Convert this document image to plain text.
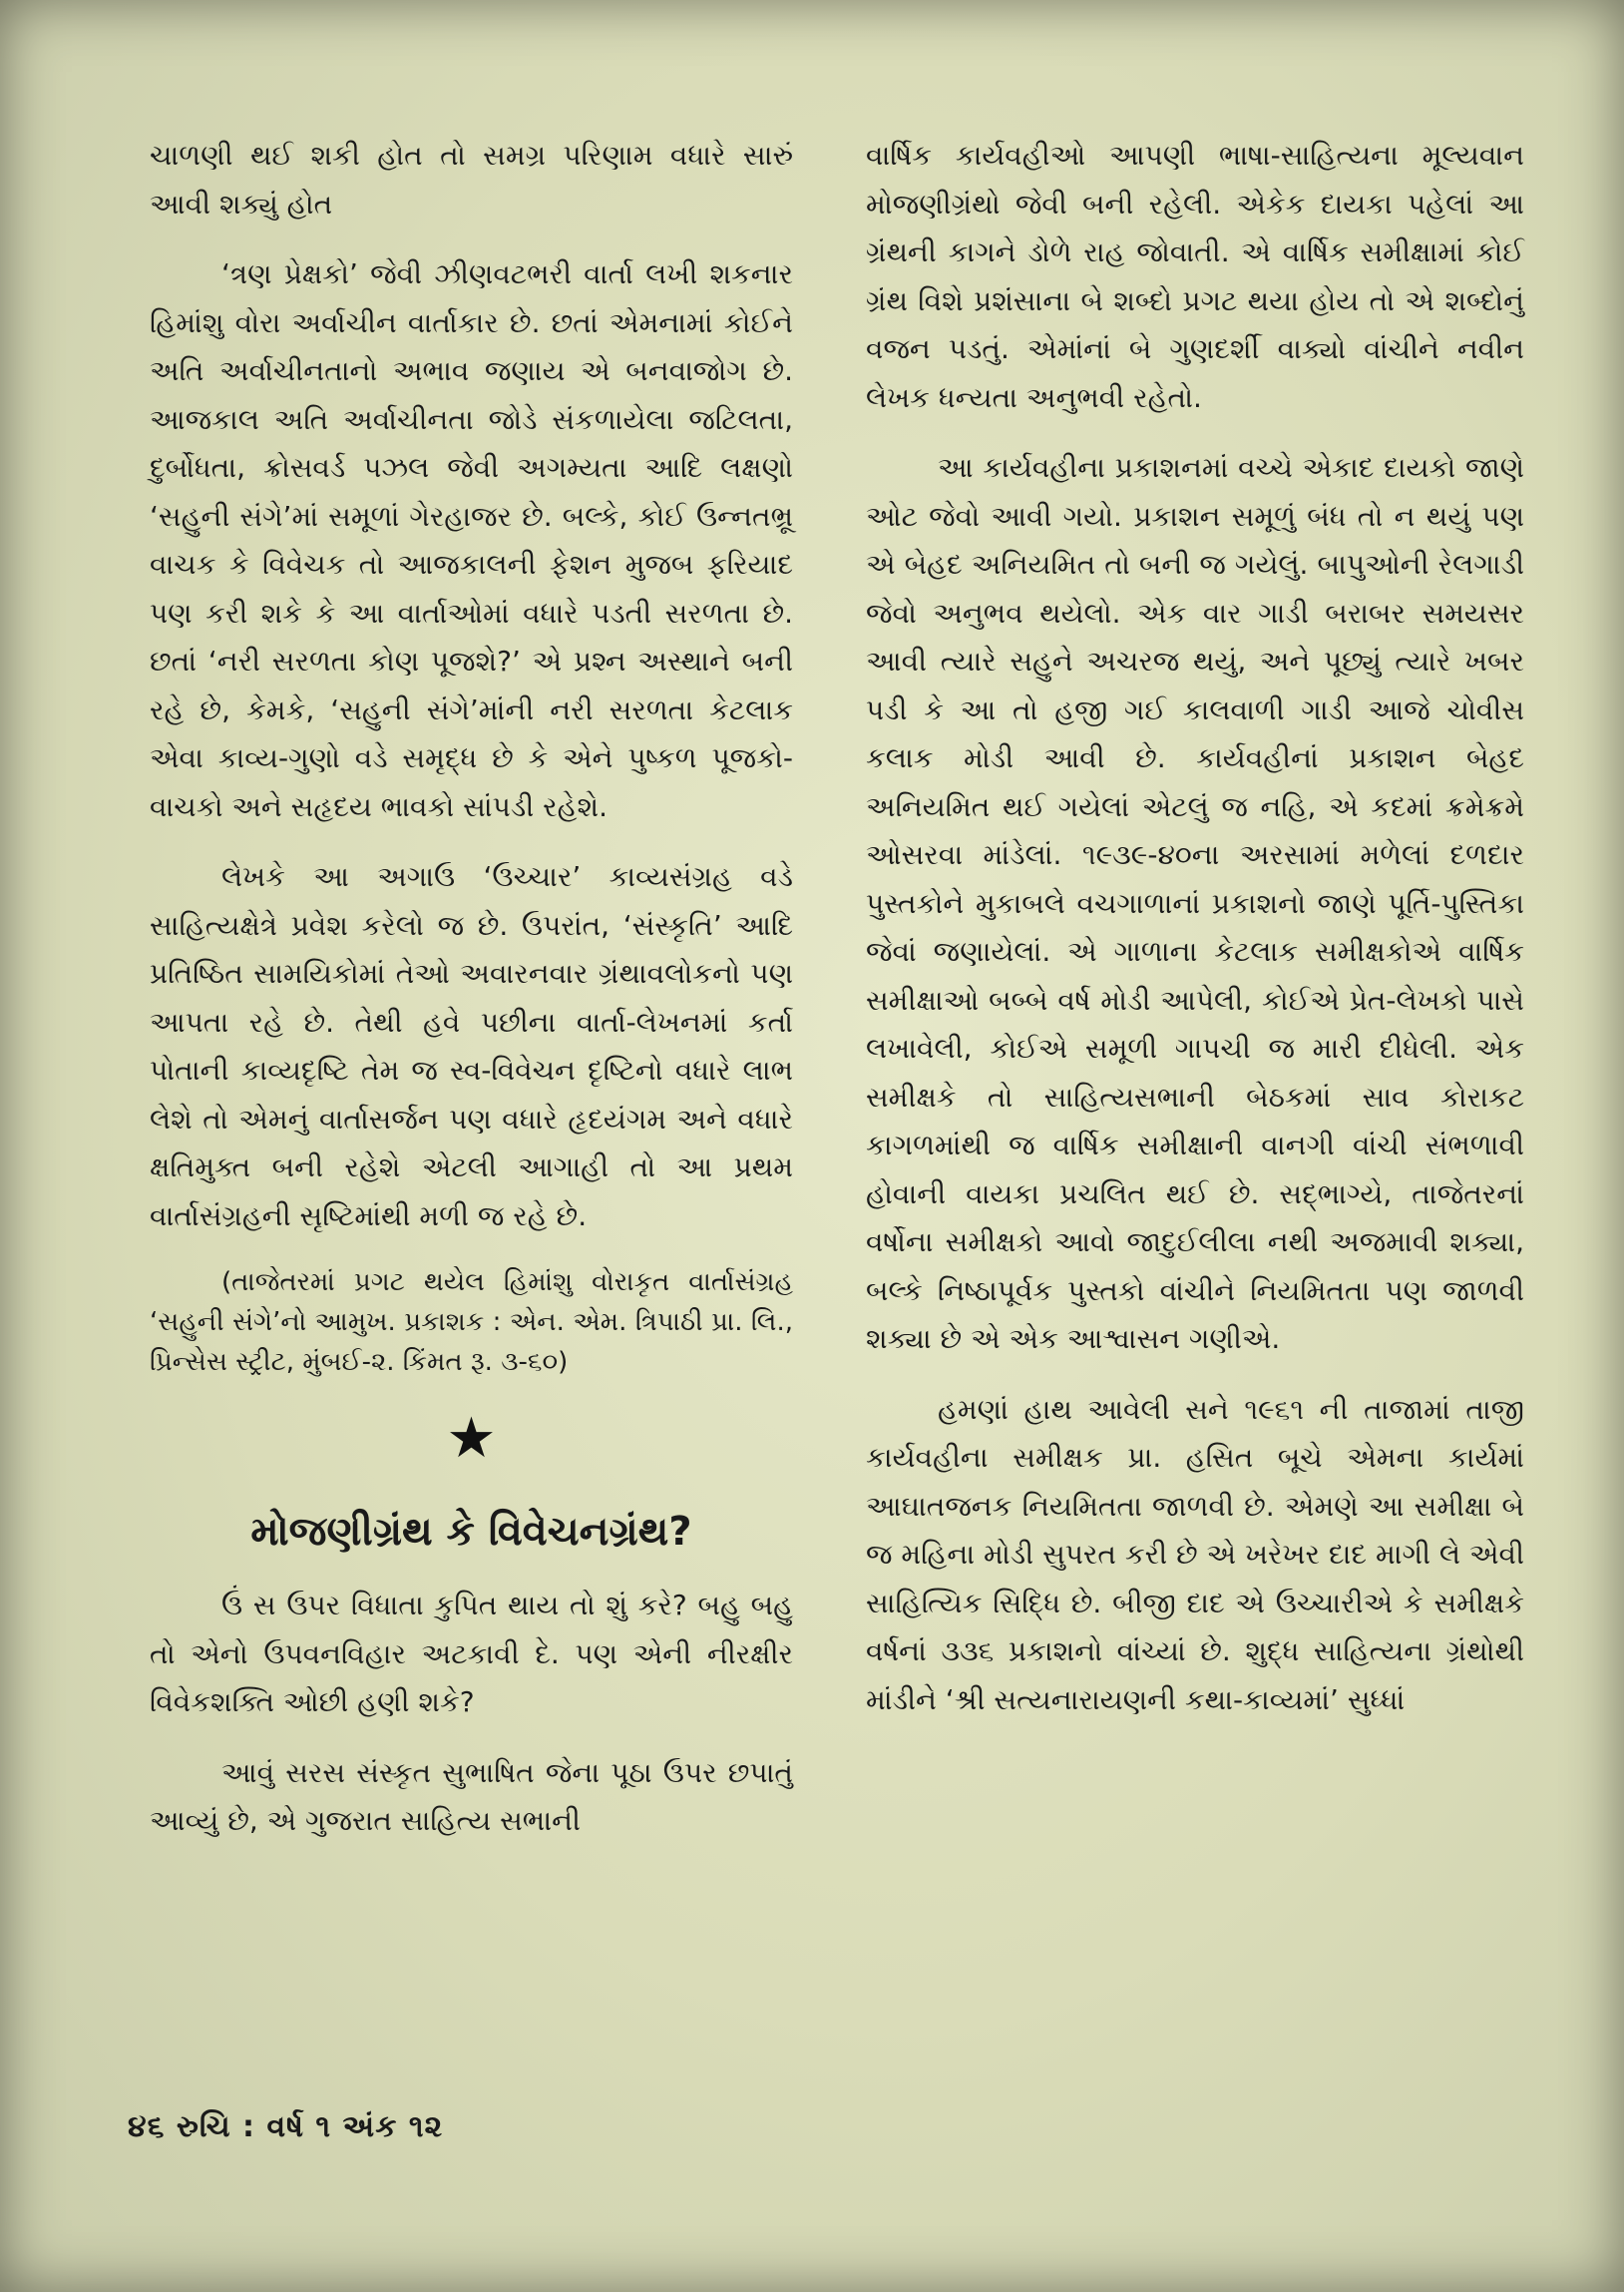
ચાળણી થઈ શકી હોત તો સમગ્ર પરિણામ વધારે સારું આવી શક્યું હોત

‘ત્રણ પ્રેક્ષકો’ જેવી ઝીણવટભરી વાર્તા લખી શકનાર હિમાંશુ વોરા અર્વાચીન વાર્તાકાર છે. છતાં એમનામાં કોઈને અતિ અર્વાચીનતાનો અભાવ જણાય એ બનવાજોગ છે. આજકાલ અતિ અર્વાચીનતા જોડે સંકળાયેલા જટિલતા, દુર્બોધતા, ક્રોસવર્ડ પઝલ જેવી અગમ્યતા આદિ લક્ષણો ‘સહુની સંગે’માં સમૂળાં ગેરહાજર છે. બલ્કે, કોઈ ઉન્નતભ્રૂ વાચક કે વિવેચક તો આજકાલની ફેશન મુજબ ફરિયાદ પણ કરી શકે કે આ વાર્તાઓમાં વધારે પડતી સરળતા છે. છતાં ‘નરી સરળતા કોણ પૂજશે?’ એ પ્રશ્ન અસ્થાને બની રહે છે, કેમકે, ‘સહુની સંગે’માંની નરી સરળતા કેટલાક એવા કાવ્ય-ગુણો વડે સમૃદ્ધ છે કે એને પુષ્કળ પૂજકો-વાચકો અને સહૃદય ભાવકો સાંપડી રહેશે.

લેખકે આ અગાઉ ‘ઉચ્ચાર’ કાવ્યસંગ્રહ વડે સાહિત્યક્ષેત્રે પ્રવેશ કરેલો જ છે. ઉપરાંત, ‘સંસ્કૃતિ’ આદિ પ્રતિષ્ઠિત સામયિકોમાં તેઓ અવારનવાર ગ્રંથાવલોકનો પણ આપતા રહે છે. તેથી હવે પછીના વાર્તા-લેખનમાં કર્તા પોતાની કાવ્યદૃષ્ટિ તેમ જ સ્વ-વિવેચન દૃષ્ટિનો વધારે લાભ લેશે તો એમનું વાર્તાસર્જન પણ વધારે હૃદયંગમ અને વધારે ક્ષતિમુક્ત બની રહેશે એટલી આગાહી તો આ પ્રથમ વાર્તાસંગ્રહની સૃષ્ટિમાંથી મળી જ રહે છે.

(તાજેતરમાં પ્રગટ થયેલ હિમાંશુ વોરાકૃત વાર્તાસંગ્રહ ‘સહુની સંગે’નો આમુખ. પ્રકાશક : એન. એમ. ત્રિપાઠી પ્રા. લિ., પ્રિન્સેસ સ્ટ્રીટ, મુંબઈ-૨. કિંમત રૂ. ૩-૬૦)

★
મોજણીગ્રંથ કે વિવેચનગ્રંથ?

ઉં સ ઉપર વિધાતા કુપિત થાય તો શું કરે? બહુ બહુ તો એનો ઉપવનવિહાર અટકાવી દે. પણ એની નીરક્ષીર વિવેકશક્તિ ઓછી હણી શકે?

આવું સરસ સંસ્કૃત સુભાષિત જેના પૂઠા ઉપર છપાતું આવ્યું છે, એ ગુજરાત સાહિત્ય સભાની

વાર્ષિક કાર્યવહીઓ આપણી ભાષા-સાહિત્યના મૂલ્યવાન મોજણીગ્રંથો જેવી બની રહેલી. એકેક દાયકા પહેલાં આ ગ્રંથની કાગને ડોળે રાહ જોવાતી. એ વાર્ષિક સમીક્ષામાં કોઈ ગ્રંથ વિશે પ્રશંસાના બે શબ્દો પ્રગટ થયા હોય તો એ શબ્દોનું વજન પડતું. એમાંનાં બે ગુણદર્શી વાક્યો વાંચીને નવીન લેખક ધન્યતા અનુભવી રહેતો.

આ કાર્યવહીના પ્રકાશનમાં વચ્ચે એકાદ દાયકો જાણે ઓટ જેવો આવી ગયો. પ્રકાશન સમૂળું બંધ તો ન થયું પણ એ બેહદ અનિયમિત તો બની જ ગયેલું. બાપુઓની રેલગાડી જેવો અનુભવ થયેલો. એક વાર ગાડી બરાબર સમયસર આવી ત્યારે સહુને અચરજ થયું, અને પૂછ્યું ત્યારે ખબર પડી કે આ તો હજી ગઈ કાલવાળી ગાડી આજે ચોવીસ કલાક મોડી આવી છે. કાર્યવહીનાં પ્રકાશન બેહદ અનિયમિત થઈ ગયેલાં એટલું જ નહિ, એ કદમાં ક્રમેક્રમે ઓસરવા માંડેલાં. ૧૯૩૯-૪૦ના અરસામાં મળેલાં દળદાર પુસ્તકોને મુકાબલે વચગાળાનાં પ્રકાશનો જાણે પૂર્તિ-પુસ્તિકા જેવાં જણાયેલાં. એ ગાળાના કેટલાક સમીક્ષકોએ વાર્ષિક સમીક્ષાઓ બબ્બે વર્ષ મોડી આપેલી, કોઈએ પ્રેત-લેખકો પાસે લખાવેલી, કોઈએ સમૂળી ગાપચી જ મારી દીધેલી. એક સમીક્ષકે તો સાહિત્યસભાની બેઠકમાં સાવ કોરાકટ કાગળમાંથી જ વાર્ષિક સમીક્ષાની વાનગી વાંચી સંભળાવી હોવાની વાયકા પ્રચલિત થઈ છે. સદ્‌ભાગ્યે, તાજેતરનાં વર્ષોના સમીક્ષકો આવો જાદુઈલીલા નથી અજમાવી શક્યા, બલ્કે નિષ્ઠાપૂર્વક પુસ્તકો વાંચીને નિયમિતતા પણ જાળવી શક્યા છે એ એક આશ્વાસન ગણીએ.

હમણાં હાથ આવેલી સને ૧૯૬૧ ની તાજામાં તાજી કાર્યવહીના સમીક્ષક પ્રા. હસિત બૂચે એમના કાર્યમાં આઘાતજનક નિયમિતતા જાળવી છે. એમણે આ સમીક્ષા બે જ મહિના મોડી સુપરત કરી છે એ ખરેખર દાદ માગી લે એવી સાહિત્યિક સિદ્ધિ છે. બીજી દાદ એ ઉચ્ચારીએ કે સમીક્ષકે વર્ષનાં ૩૩૬ પ્રકાશનો વાંચ્યાં છે. શુદ્ધ સાહિત્યના ગ્રંથોથી માંડીને ‘શ્રી સત્યનારાયણની કથા-કાવ્યમાં’ સુધ્ધાં

૪૬ રુચિ : વર્ષ ૧ અંક ૧૨
